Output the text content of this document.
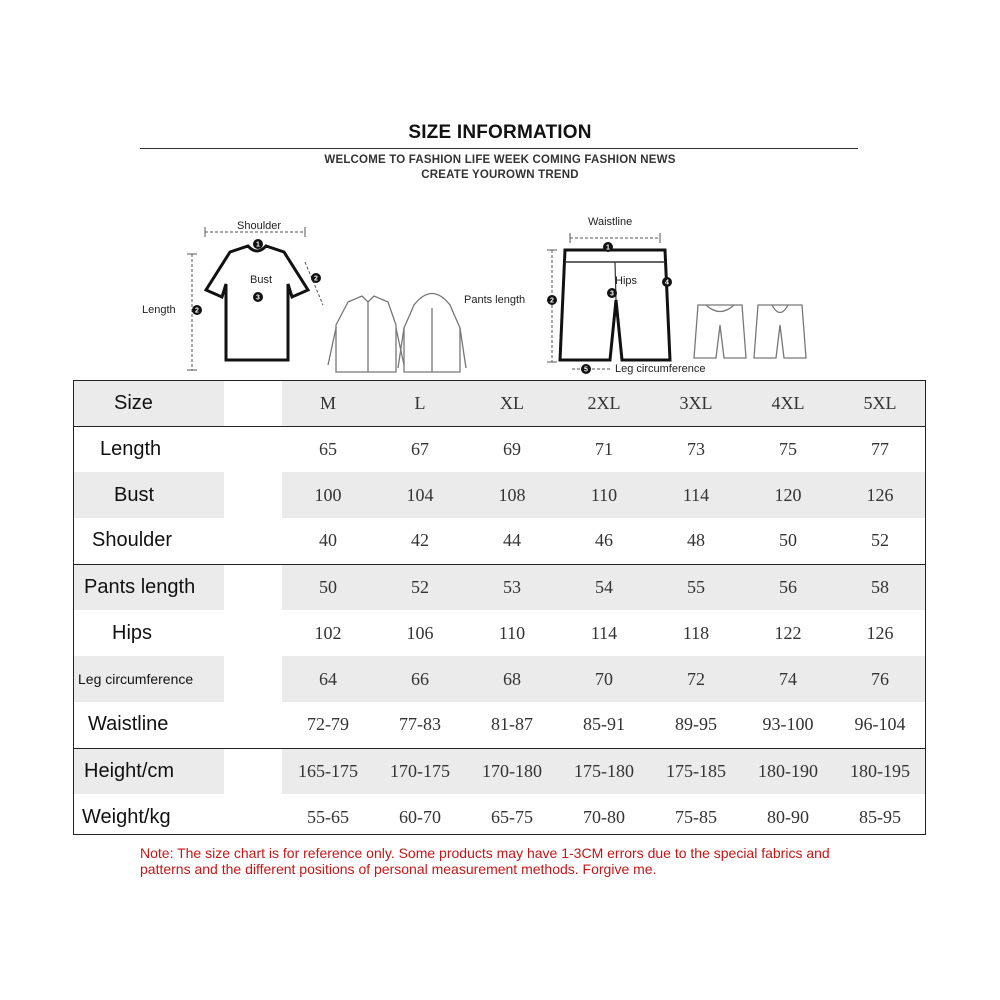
SIZE INFORMATION
WELCOME TO FASHION LIFE WEEK COMING FASHION NEWS
CREATE YOUROWN TREND
1
3
2
2
Shoulder
Bust
Length
1
2
3
4
5
Waistline
Hips
Pants length
Leg circumference
Size		M	L	XL	2XL	3XL	4XL	5XL
Length		65	67	69	71	73	75	77
Bust		100	104	108	110	114	120	126
Shoulder		40	42	44	46	48	50	52
Pants length		50	52	53	54	55	56	58
Hips		102	106	110	114	118	122	126
Leg circumference		64	66	68	70	72	74	76
Waistline		72-79	77-83	81-87	85-91	89-95	93-100	96-104
Height/cm		165-175	170-175	170-180	175-180	175-185	180-190	180-195
Weight/kg		55-65	60-70	65-75	70-80	75-85	80-90	85-95
Note: The size chart is for reference only. Some products may have 1-3CM errors due to the special fabrics and patterns and the different positions of personal measurement methods. Forgive me.
